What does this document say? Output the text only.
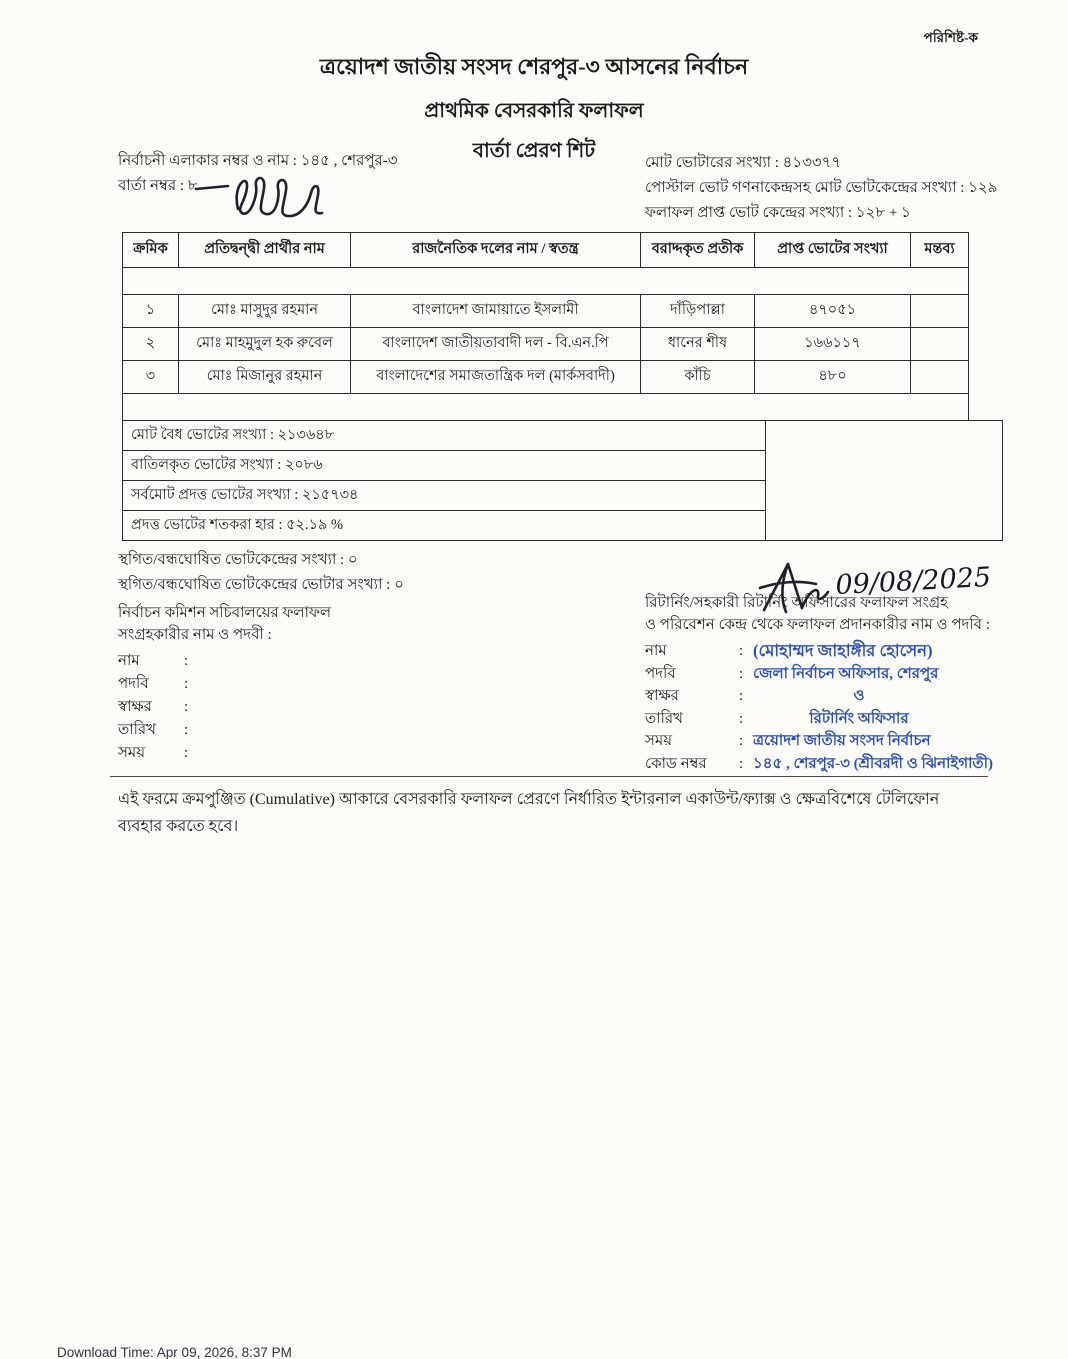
পরিশিষ্ট-ক
ত্রয়োদশ জাতীয় সংসদ শেরপুর-৩ আসনের নির্বাচন
প্রাথমিক বেসরকারি ফলাফল
বার্তা প্রেরণ শিট
নির্বাচনী এলাকার নম্বর ও নাম : ১৪৫ , শেরপুর-৩
বার্তা নম্বর : ৮
মোট ভোটারের সংখ্যা : ৪১৩৩৭৭
পোস্টাল ভোট গণনাকেন্দ্রসহ মোট ভোটকেন্দ্রের সংখ্যা : ১২৯
ফলাফল প্রাপ্ত ভোট কেন্দ্রের সংখ্যা : ১২৮ + ১
ক্রমিক	প্রতিদ্বন্দ্বী প্রার্থীর নাম	রাজনৈতিক দলের নাম / স্বতন্ত্র	বরাদ্দকৃত প্রতীক	প্রাপ্ত ভোটের সংখ্যা	মন্তব্য

১	মোঃ মাসুদুর রহমান	বাংলাদেশ জামায়াতে ইসলামী	দাঁড়িপাল্লা	৪৭০৫১	
২	মোঃ মাহমুদুল হক রুবেল	বাংলাদেশ জাতীয়তাবাদী দল - বি.এন.পি	ধানের শীষ	১৬৬১১৭	
৩	মোঃ মিজানুর রহমান	বাংলাদেশের সমাজতান্ত্রিক দল (মার্কসবাদী)	কাঁচি	৪৮০	

মোট বৈধ ভোটের সংখ্যা : ২১৩৬৪৮	
বাতিলকৃত ভোটের সংখ্যা : ২০৮৬
সর্বমোট প্রদত্ত ভোটের সংখ্যা : ২১৫৭৩৪
প্রদত্ত ভোটের শতকরা হার : ৫২.১৯ %
স্থগিত/বন্ধঘোষিত ভোটকেন্দ্রের সংখ্যা : ০
স্থগিত/বন্ধঘোষিত ভোটকেন্দ্রের ভোটার সংখ্যা : ০
নির্বাচন কমিশন সচিবালয়ের ফলাফল
সংগ্রহকারীর নাম ও পদবী :
নাম	:
পদবি	:
স্বাক্ষর	:
তারিখ	:
সময়	:
09/08/2025
রিটার্নিং/সহকারী রিটার্নিং অফিসারের ফলাফল সংগ্রহ
ও পরিবেশন কেন্দ্র থেকে ফলাফল প্রদানকারীর নাম ও পদবি :
নাম	: (মোহাম্মদ জাহাঙ্গীর হোসেন)
পদবি	: জেলা নির্বাচন অফিসার, শেরপুর
স্বাক্ষর	:	ও
তারিখ	:	রিটার্নিং অফিসার
সময়	: ত্রয়োদশ জাতীয় সংসদ নির্বাচন
কোড নম্বর	: ১৪৫ , শেরপুর-৩ (শ্রীবরদী ও ঝিনাইগাতী)
এই ফরমে ক্রমপুঞ্জিত (Cumulative) আকারে বেসরকারি ফলাফল প্রেরণে নির্ধারিত ইন্টারনাল একাউন্ট/ফ্যাক্স ও ক্ষেত্রবিশেষে টেলিফোন ব্যবহার করতে হবে।
Download Time: Apr 09, 2026, 8:37 PM
